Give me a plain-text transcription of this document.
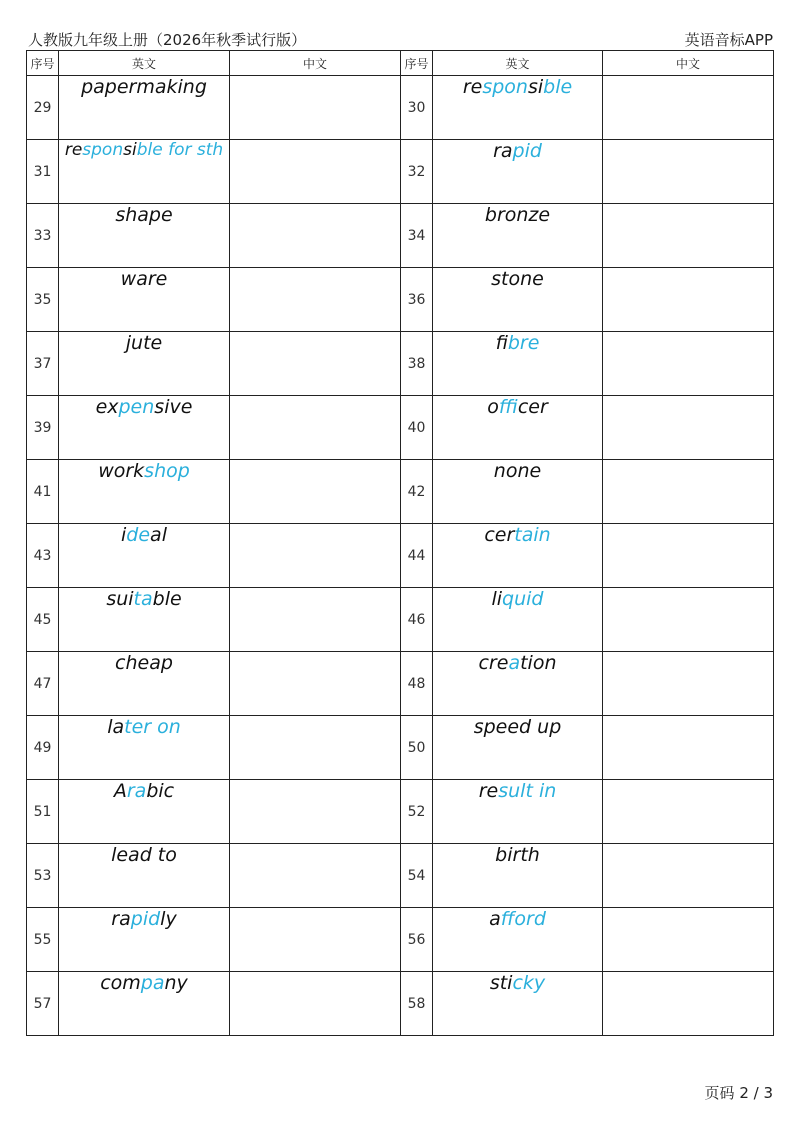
人教版九年级上册（2026年秋季试行版）	英语音标APP
序号	英文	中文	序号	英文	中文
29	papermaking		30	responsible	
31	responsible for sth		32	rapid	
33	shape		34	bronze	
35	ware		36	stone	
37	jute		38	fibre	
39	expensive		40	officer	
41	workshop		42	none	
43	ideal		44	certain	
45	suitable		46	liquid	
47	cheap		48	creation	
49	later on		50	speed up	
51	Arabic		52	result in	
53	lead to		54	birth	
55	rapidly		56	afford	
57	company		58	sticky	
页码 2 / 3
